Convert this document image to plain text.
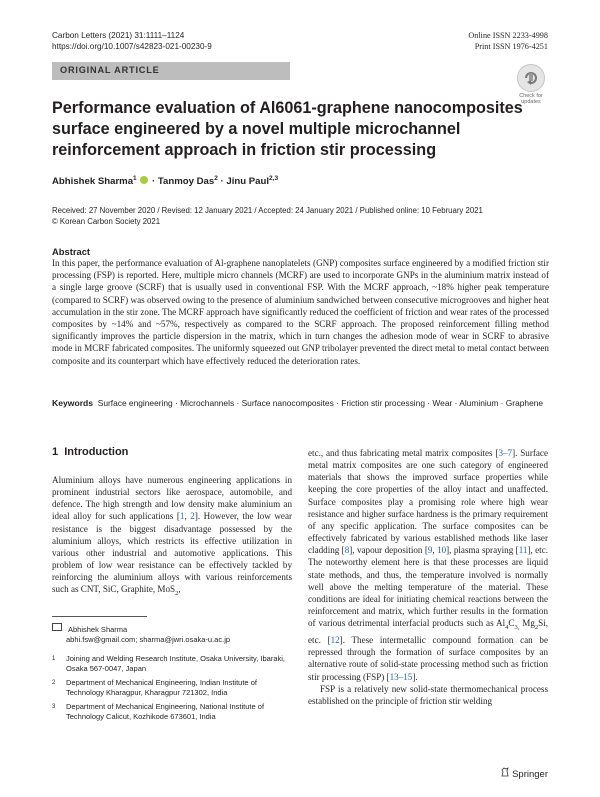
Carbon Letters (2021) 31:1111–1124
https://doi.org/10.1007/s42823-021-00230-9
Online ISSN 2233-4998
Print ISSN 1976-4251
ORIGINAL ARTICLE
Check for
updates
Performance evaluation of Al6061-graphene nanocomposites surface engineered by a novel multiple microchannel reinforcement approach in friction stir processing
Abhishek Sharma$^1$  · Tanmoy Das$^2$ · Jinu Paul$^{2,3}$
Received: 27 November 2020 / Revised: 12 January 2021 / Accepted: 24 January 2021 / Published online: 10 February 2021
© Korean Carbon Society 2021
Abstract
In this paper, the performance evaluation of Al-graphene nanoplatelets (GNP) composites surface engineered by a modified friction stir processing (FSP) is reported. Here, multiple micro channels (MCRF) are used to incorporate GNPs in the aluminium matrix instead of a single large groove (SCRF) that is usually used in conventional FSP. With the MCRF approach, ~18% higher peak temperature (compared to SCRF) was observed owing to the presence of aluminium sandwiched between consecutive microgrooves and higher heat accumulation in the stir zone. The MCRF approach have significantly reduced the coefficient of friction and wear rates of the processed composites by ~14% and ~57%, respectively as compared to the SCRF approach. The proposed reinforcement filling method significantly improves the particle dispersion in the matrix, which in turn changes the adhesion mode of wear in SCRF to abrasive mode in MCRF fabricated composites. The uniformly squeezed out GNP tribolayer prevented the direct metal to metal contact between composite and its counterpart which have effectively reduced the deterioration rates.
Keywords Surface engineering · Microchannels · Surface nanocomposites · Friction stir processing · Wear · Aluminium · Graphene
1 Introduction
Aluminium alloys have numerous engineering applications in prominent industrial sectors like aerospace, automobile, and defence. The high strength and low density make aluminium an ideal alloy for such applications [1, 2]. However, the low wear resistance is the biggest disadvantage possessed by the aluminium alloys, which restricts its effective utilization in various other industrial and automotive applications. This problem of low wear resistance can be effectively tackled by reinforcing the aluminium alloys with various reinforcements such as CNT, SiC, Graphite, MoS$_2$,
etc., and thus fabricating metal matrix composites [3–7]. Surface metal matrix composites are one such category of engineered materials that shows the improved surface properties while keeping the core properties of the alloy intact and unaffected. Surface composites play a promising role where high wear resistance and higher surface hardness is the primary requirement of any specific application. The surface composites can be effectively fabricated by various established methods like laser cladding [8], vapour deposition [9, 10], plasma spraying [11], etc. The noteworthy element here is that these processes are liquid state methods, and thus, the temperature involved is normally well above the melting temperature of the material. These conditions are ideal for initiating chemical reactions between the reinforcement and matrix, which further results in the formation of various detrimental interfacial products such as $Al_4C_{3,}$ $Mg_2Si$, etc. [12]. These intermetallic compound formation can be repressed through the formation of surface composites by an alternative route of solid-state processing method such as friction stir processing (FSP) [13–15].
FSP is a relatively new solid-state thermomechanical process established on the principle of friction stir welding
Abhishek Sharma
abhi.fsw@gmail.com; sharma@jwri.osaka-u.ac.jp
1 Joining and Welding Research Institute, Osaka University, Ibaraki, Osaka 567-0047, Japan
2 Department of Mechanical Engineering, Indian Institute of Technology Kharagpur, Kharagpur 721302, India
3 Department of Mechanical Engineering, National Institute of Technology Calicut, Kozhikode 673601, India
Springer
